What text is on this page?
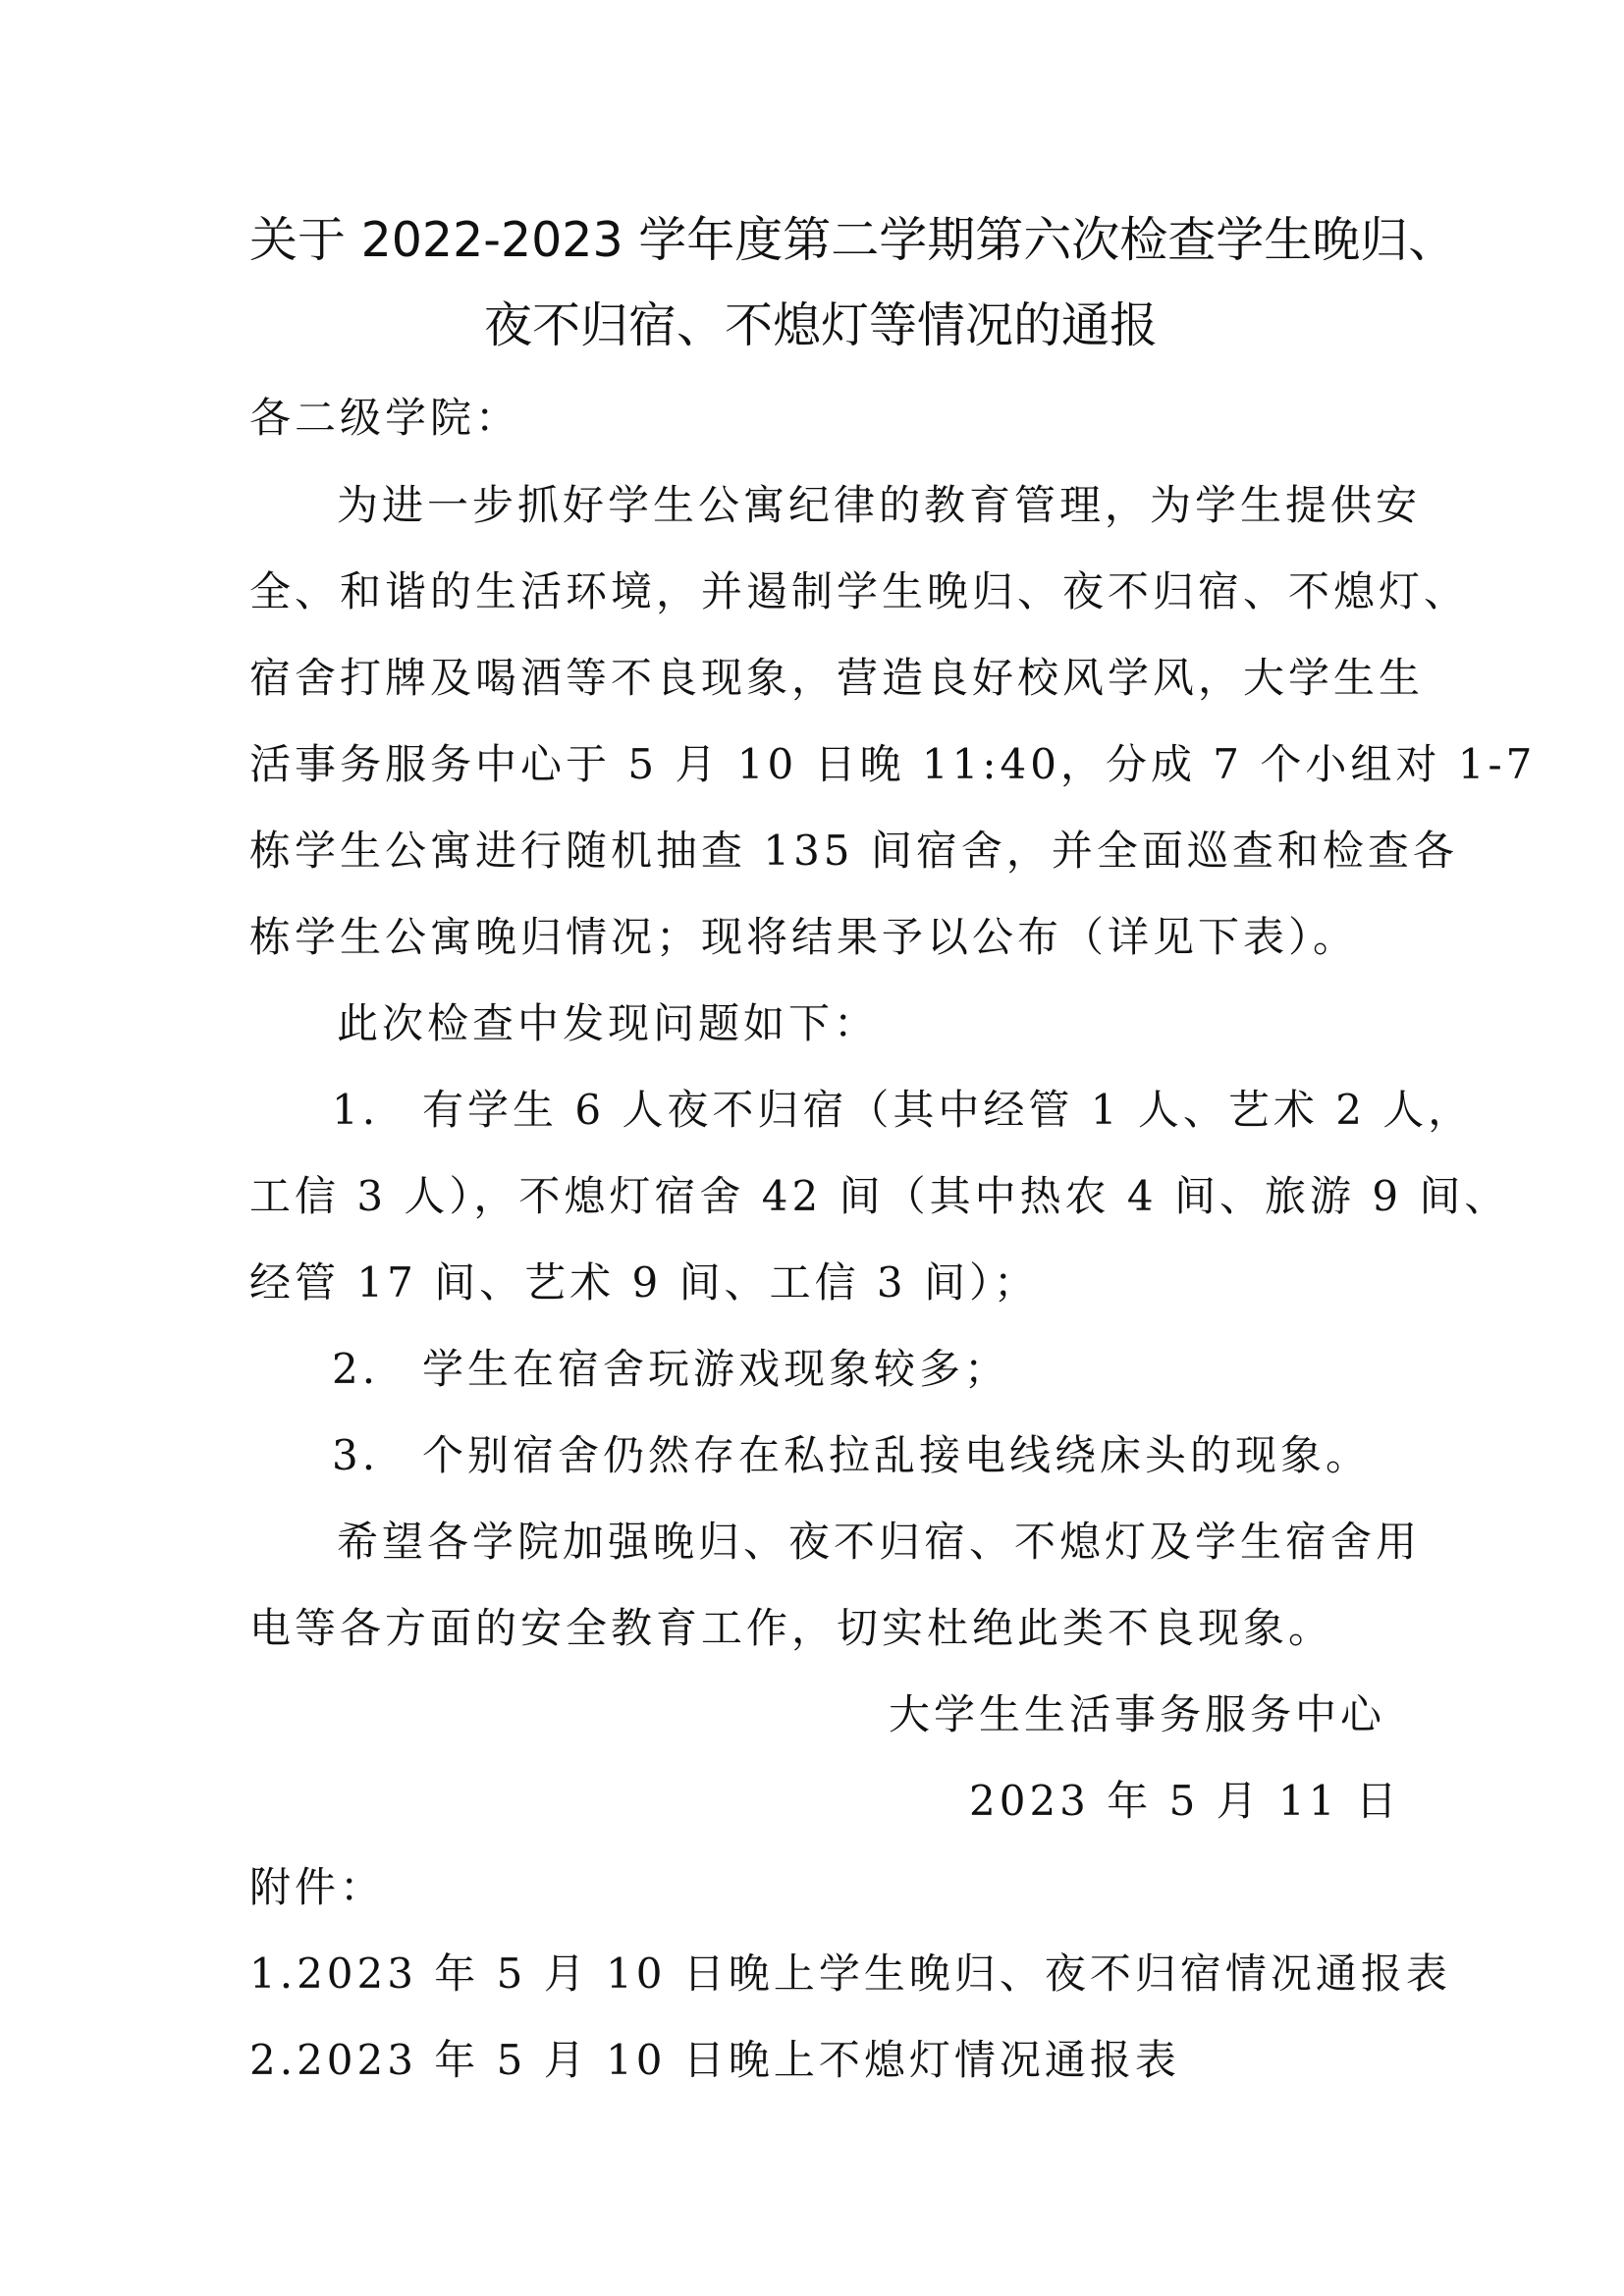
关于 2022-2023 学年度第二学期第六次检查学生晚归、
夜不归宿、不熄灯等情况的通报
各二级学院：
为进一步抓好学生公寓纪律的教育管理，为学生提供安
全、和谐的生活环境，并遏制学生晚归、夜不归宿、不熄灯、
宿舍打牌及喝酒等不良现象，营造良好校风学风，大学生生
活事务服务中心于 5 月 10 日晚 11:40，分成 7 个小组对 1-7
栋学生公寓进行随机抽查 135 间宿舍，并全面巡查和检查各
栋学生公寓晚归情况；现将结果予以公布（详见下表）。
此次检查中发现问题如下：
1. 有学生 6 人夜不归宿（其中经管 1 人、艺术 2 人，
工信 3 人），不熄灯宿舍 42 间（其中热农 4 间、旅游 9 间、
经管 17 间、艺术 9 间、工信 3 间）；
2. 学生在宿舍玩游戏现象较多；
3. 个别宿舍仍然存在私拉乱接电线绕床头的现象。
希望各学院加强晚归、夜不归宿、不熄灯及学生宿舍用
电等各方面的安全教育工作，切实杜绝此类不良现象。
大学生生活事务服务中心
2023 年 5 月 11 日
附件：
1.2023 年 5 月 10 日晚上学生晚归、夜不归宿情况通报表
2.2023 年 5 月 10 日晚上不熄灯情况通报表
